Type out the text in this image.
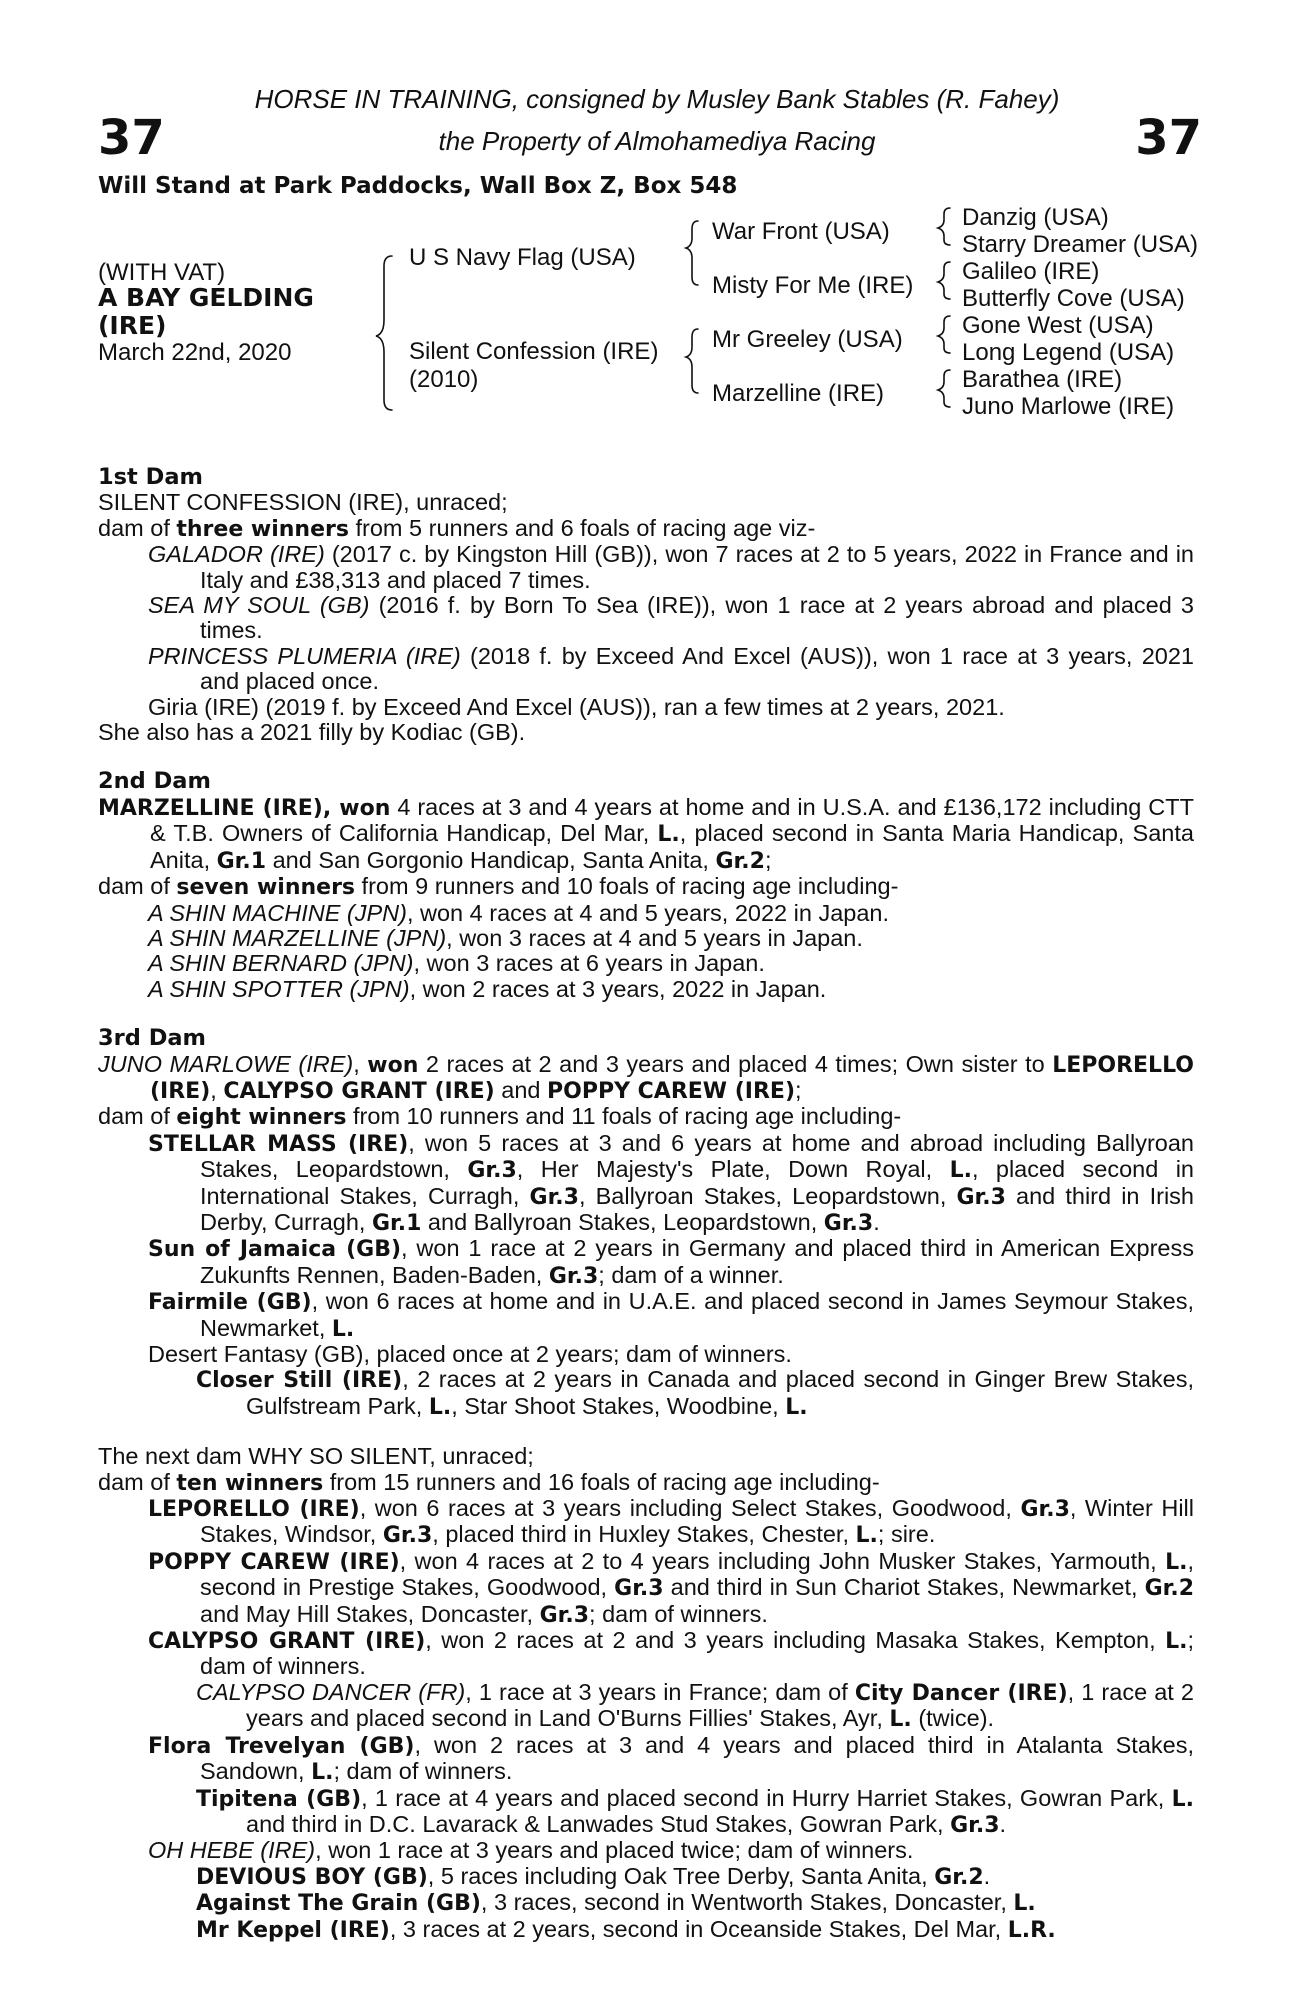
37	37
HORSE IN TRAINING, consigned by Musley Bank Stables (R. Fahey)
the Property of Almohamediya Racing
Will Stand at Park Paddocks, Wall Box Z, Box 548
(WITH VAT)
A BAY GELDING
(IRE)
March 22nd, 2020
U S Navy Flag (USA)
Silent Confession (IRE)
(2010)
War Front (USA)
Misty For Me (IRE)
Mr Greeley (USA)
Marzelline (IRE)
Danzig (USA)
Starry Dreamer (USA)
Galileo (IRE)
Butterfly Cove (USA)
Gone West (USA)
Long Legend (USA)
Barathea (IRE)
Juno Marlowe (IRE)

1st Dam

SILENT CONFESSION (IRE), unraced;

dam of three winners from 5 runners and 6 foals of racing age viz-

GALADOR (IRE) (2017 c. by Kingston Hill (GB)), won 7 races at 2 to 5 years, 2022 in France and in Italy and £38,313 and placed 7 times.

SEA MY SOUL (GB) (2016 f. by Born To Sea (IRE)), won 1 race at 2 years abroad and placed 3 times.

PRINCESS PLUMERIA (IRE) (2018 f. by Exceed And Excel (AUS)), won 1 race at 3 years, 2021 and placed once.

Giria (IRE) (2019 f. by Exceed And Excel (AUS)), ran a few times at 2 years, 2021.

She also has a 2021 filly by Kodiac (GB).

2nd Dam

MARZELLINE (IRE), won 4 races at 3 and 4 years at home and in U.S.A. and £136,172 including CTT & T.B. Owners of California Handicap, Del Mar, L., placed second in Santa Maria Handicap, Santa Anita, Gr.1 and San Gorgonio Handicap, Santa Anita, Gr.2;

dam of seven winners from 9 runners and 10 foals of racing age including-

A SHIN MACHINE (JPN), won 4 races at 4 and 5 years, 2022 in Japan.

A SHIN MARZELLINE (JPN), won 3 races at 4 and 5 years in Japan.

A SHIN BERNARD (JPN), won 3 races at 6 years in Japan.

A SHIN SPOTTER (JPN), won 2 races at 3 years, 2022 in Japan.

3rd Dam

JUNO MARLOWE (IRE), won 2 races at 2 and 3 years and placed 4 times; Own sister to LEPORELLO (IRE), CALYPSO GRANT (IRE) and POPPY CAREW (IRE);

dam of eight winners from 10 runners and 11 foals of racing age including-

STELLAR MASS (IRE), won 5 races at 3 and 6 years at home and abroad including Ballyroan Stakes, Leopardstown, Gr.3, Her Majesty's Plate, Down Royal, L., placed second in International Stakes, Curragh, Gr.3, Ballyroan Stakes, Leopardstown, Gr.3 and third in Irish Derby, Curragh, Gr.1 and Ballyroan Stakes, Leopardstown, Gr.3.

Sun of Jamaica (GB), won 1 race at 2 years in Germany and placed third in American Express Zukunfts Rennen, Baden-Baden, Gr.3; dam of a winner.

Fairmile (GB), won 6 races at home and in U.A.E. and placed second in James Seymour Stakes, Newmarket, L.

Desert Fantasy (GB), placed once at 2 years; dam of winners.

Closer Still (IRE), 2 races at 2 years in Canada and placed second in Ginger Brew Stakes, Gulfstream Park, L., Star Shoot Stakes, Woodbine, L.

The next dam WHY SO SILENT, unraced;

dam of ten winners from 15 runners and 16 foals of racing age including-

LEPORELLO (IRE), won 6 races at 3 years including Select Stakes, Goodwood, Gr.3, Winter Hill Stakes, Windsor, Gr.3, placed third in Huxley Stakes, Chester, L.; sire.

POPPY CAREW (IRE), won 4 races at 2 to 4 years including John Musker Stakes, Yarmouth, L., second in Prestige Stakes, Goodwood, Gr.3 and third in Sun Chariot Stakes, Newmarket, Gr.2 and May Hill Stakes, Doncaster, Gr.3; dam of winners.

CALYPSO GRANT (IRE), won 2 races at 2 and 3 years including Masaka Stakes, Kempton, L.; dam of winners.

CALYPSO DANCER (FR), 1 race at 3 years in France; dam of City Dancer (IRE), 1 race at 2 years and placed second in Land O'Burns Fillies' Stakes, Ayr, L. (twice).

Flora Trevelyan (GB), won 2 races at 3 and 4 years and placed third in Atalanta Stakes, Sandown, L.; dam of winners.

Tipitena (GB), 1 race at 4 years and placed second in Hurry Harriet Stakes, Gowran Park, L. and third in D.C. Lavarack & Lanwades Stud Stakes, Gowran Park, Gr.3.

OH HEBE (IRE), won 1 race at 3 years and placed twice; dam of winners.

DEVIOUS BOY (GB), 5 races including Oak Tree Derby, Santa Anita, Gr.2.

Against The Grain (GB), 3 races, second in Wentworth Stakes, Doncaster, L.

Mr Keppel (IRE), 3 races at 2 years, second in Oceanside Stakes, Del Mar, L.R.
